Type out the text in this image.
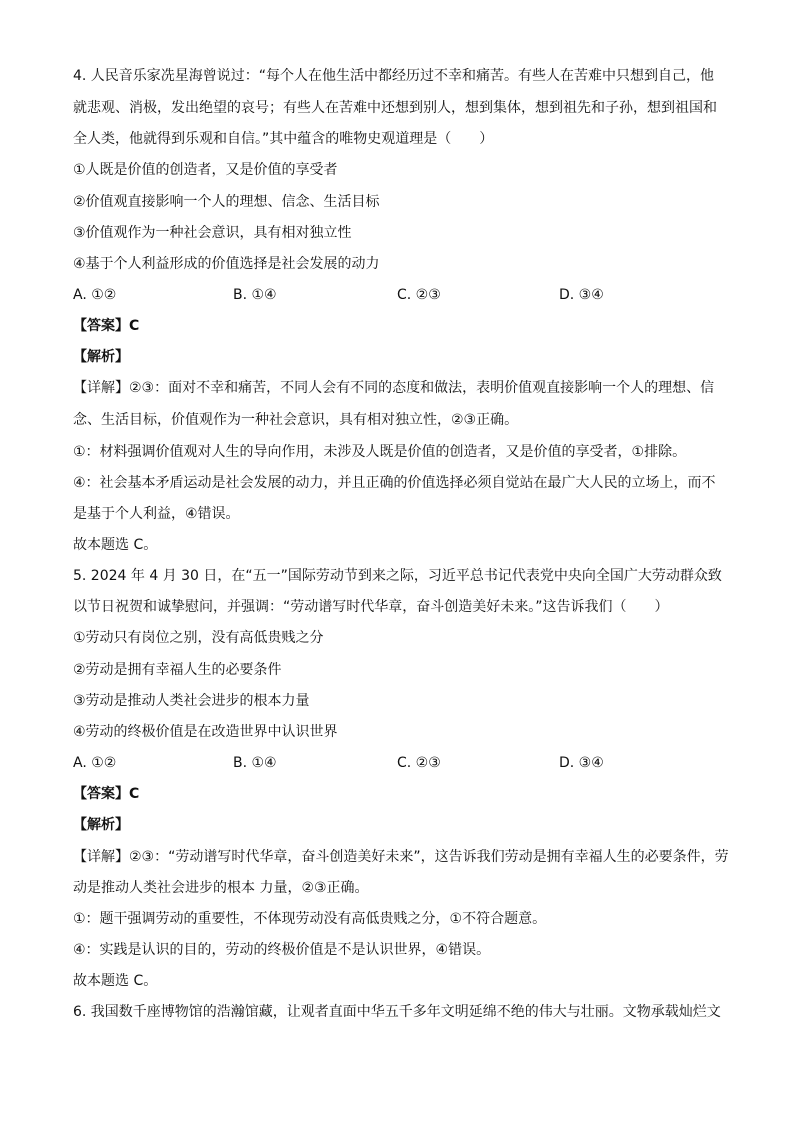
4. 人民音乐家冼星海曾说过：“每个人在他生活中都经历过不幸和痛苦。有些人在苦难中只想到自己，他
就悲观、消极，发出绝望的哀号；有些人在苦难中还想到别人，想到集体，想到祖先和子孙，想到祖国和
全人类，他就得到乐观和自信。”其中蕴含的唯物史观道理是（　　）
①人既是价值的创造者，又是价值的享受者
②价值观直接影响一个人的理想、信念、生活目标
③价值观作为一种社会意识，具有相对独立性
④基于个人利益形成的价值选择是社会发展的动力
A. ①②	B. ①④	C. ②③	D. ③④
【答案】C
【解析】
【详解】②③：面对不幸和痛苦，不同人会有不同的态度和做法，表明价值观直接影响一个人的理想、信
念、生活目标，价值观作为一种社会意识，具有相对独立性，②③正确。
①：材料强调价值观对人生的导向作用，未涉及人既是价值的创造者，又是价值的享受者，①排除。
④：社会基本矛盾运动是社会发展的动力，并且正确的价值选择必须自觉站在最广大人民的立场上，而不
是基于个人利益，④错误。
故本题选 C。
5. 2024 年 4 月 30 日，在“五一”国际劳动节到来之际，习近平总书记代表党中央向全国广大劳动群众致
以节日祝贺和诚挚慰问，并强调：“劳动谱写时代华章，奋斗创造美好未来。”这告诉我们（　　）
①劳动只有岗位之别，没有高低贵贱之分
②劳动是拥有幸福人生的必要条件
③劳动是推动人类社会进步的根本力量
④劳动的终极价值是在改造世界中认识世界
A. ①②	B. ①④	C. ②③	D. ③④
【答案】C
【解析】
【详解】②③：“劳动谱写时代华章，奋斗创造美好未来”，这告诉我们劳动是拥有幸福人生的必要条件，劳
动是推动人类社会进步的根本 力量，②③正确。
①：题干强调劳动的重要性，不体现劳动没有高低贵贱之分，①不符合题意。
④：实践是认识的目的，劳动的终极价值是不是认识世界，④错误。
故本题选 C。
6. 我国数千座博物馆的浩瀚馆藏，让观者直面中华五千多年文明延绵不绝的伟大与壮丽。文物承载灿烂文
